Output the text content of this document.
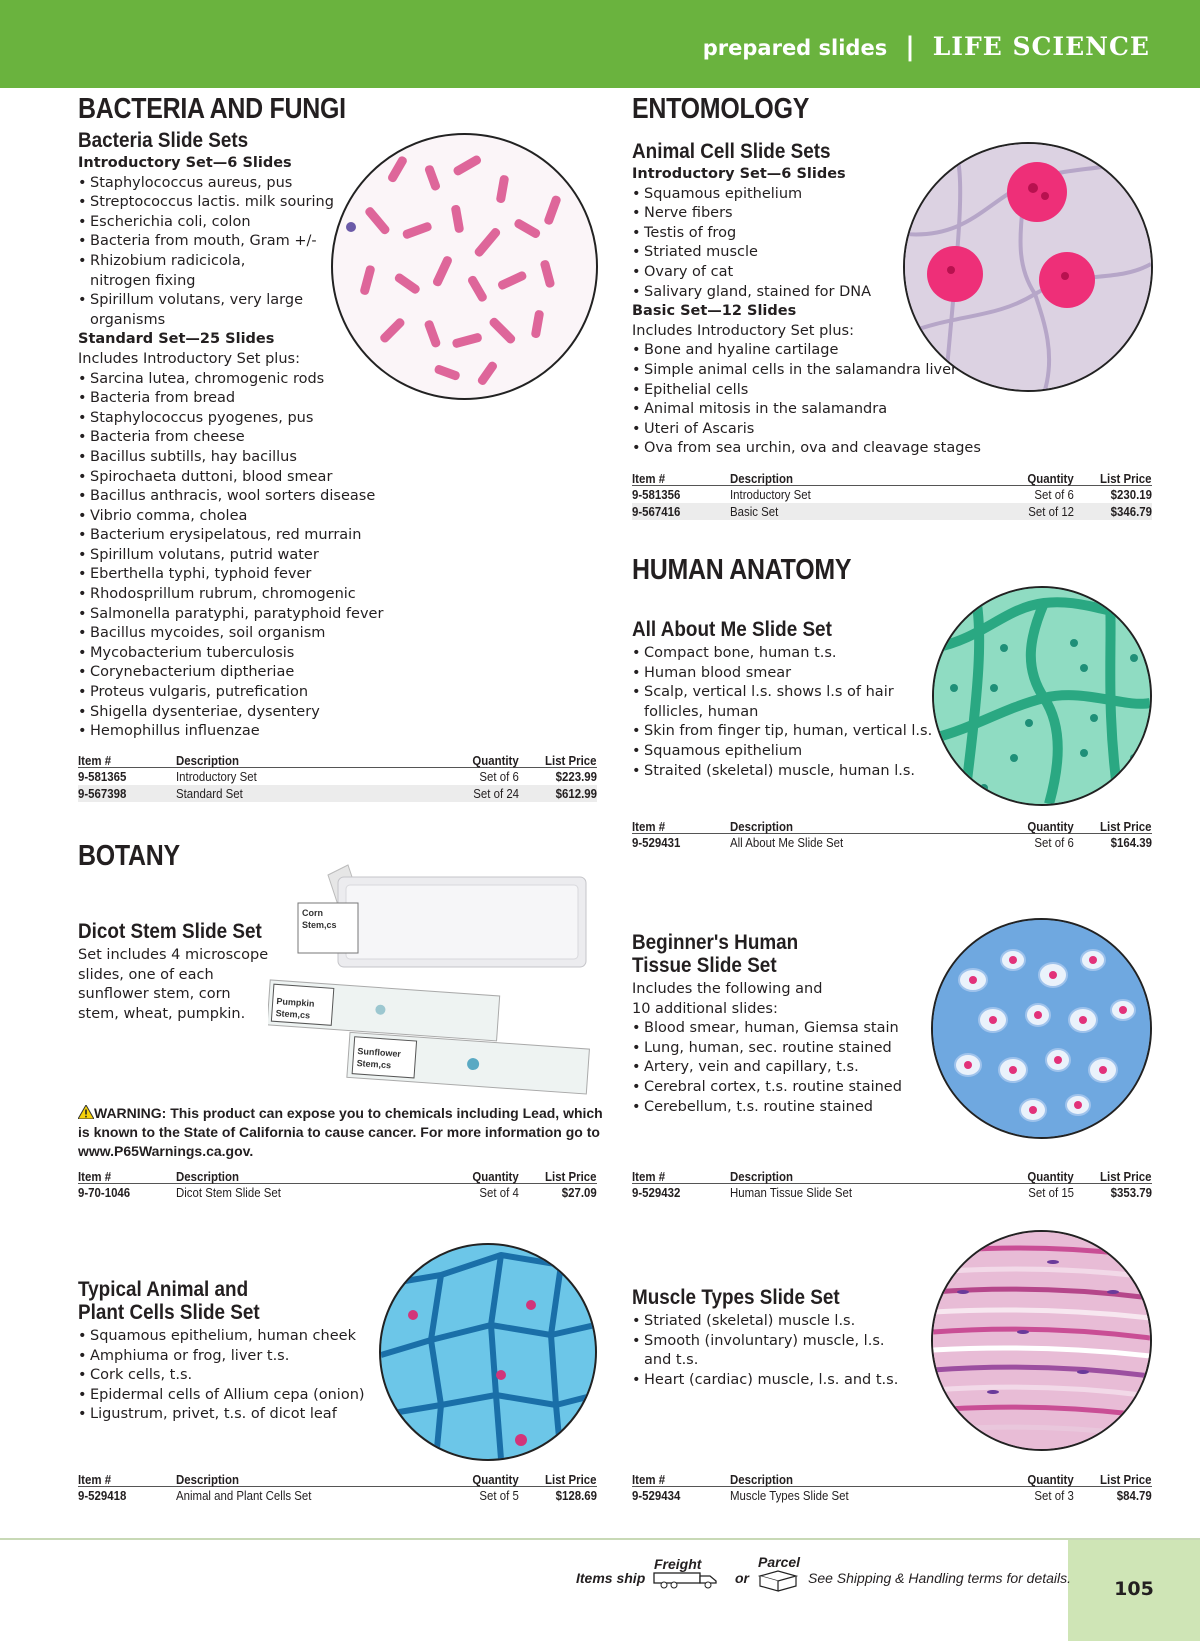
prepared slides | LIFE SCIENCE
BACTERIA AND FUNGI
Bacteria Slide Sets
Introductory Set—6 Slides
• Staphylococcus aureus, pus
• Streptococcus lactis. milk souring
• Escherichia coli, colon
• Bacteria from mouth, Gram +/-
• Rhizobium radicicola,
nitrogen fixing
• Spirillum volutans, very large
organisms
Standard Set—25 Slides
Includes Introductory Set plus:
• Sarcina lutea, chromogenic rods
• Bacteria from bread
• Staphylococcus pyogenes, pus
• Bacteria from cheese
• Bacillus subtills, hay bacillus
• Spirochaeta duttoni, blood smear
• Bacillus anthracis, wool sorters disease
• Vibrio comma, cholea
• Bacterium erysipelatous, red murrain
• Spirillum volutans, putrid water
• Eberthella typhi, typhoid fever
• Rhodosprillum rubrum, chromogenic
• Salmonella paratyphi, paratyphoid fever
• Bacillus mycoides, soil organism
• Mycobacterium tuberculosis
• Corynebacterium diptheriae
• Proteus vulgaris, putrefication
• Shigella dysenteriae, dysentery
• Hemophillus influenzae
Item #	Description	Quantity List Price
9-581365	Introductory Set	Set of 6	$223.99
9-567398	Standard Set	Set of 24	$612.99
BOTANY
Dicot Stem Slide Set
Set includes 4 microscope
slides, one of each
sunflower stem, corn
stem, wheat, pumpkin.
Corn Stem,cs
Pumpkin Stem,cs
Sunflower Stem,cs
WARNING: This product can expose you to chemicals including Lead, which
is known to the State of California to cause cancer. For more information go to
www.P65Warnings.ca.gov.
Item #	Description	Quantity List Price
9-70-1046	Dicot Stem Slide Set	Set of 4	$27.09
Typical Animal and
Plant Cells Slide Set
• Squamous epithelium, human cheek
• Amphiuma or frog, liver t.s.
• Cork cells, t.s.
• Epidermal cells of Allium cepa (onion)
• Ligustrum, privet, t.s. of dicot leaf
Item #	Description	Quantity List Price
9-529418	Animal and Plant Cells Set	Set of 5	$128.69
ENTOMOLOGY
Animal Cell Slide Sets
Introductory Set—6 Slides
• Squamous epithelium
• Nerve fibers
• Testis of frog
• Striated muscle
• Ovary of cat
• Salivary gland, stained for DNA
Basic Set—12 Slides
Includes Introductory Set plus:
• Bone and hyaline cartilage
• Simple animal cells in the salamandra liver
• Epithelial cells
• Animal mitosis in the salamandra
• Uteri of Ascaris
• Ova from sea urchin, ova and cleavage stages
Item #	Description	Quantity List Price
9-581356	Introductory Set	Set of 6	$230.19
9-567416	Basic Set	Set of 12	$346.79
HUMAN ANATOMY
All About Me Slide Set
• Compact bone, human t.s.
• Human blood smear
• Scalp, vertical l.s. shows l.s of hair
follicles, human
• Skin from finger tip, human, vertical l.s.
• Squamous epithelium
• Straited (skeletal) muscle, human l.s.
Item #	Description	Quantity List Price
9-529431	All About Me Slide Set	Set of 6	$164.39
Beginner's Human
Tissue Slide Set
Includes the following and
10 additional slides:
• Blood smear, human, Giemsa stain
• Lung, human, sec. routine stained
• Artery, vein and capillary, t.s.
• Cerebral cortex, t.s. routine stained
• Cerebellum, t.s. routine stained
Item #	Description	Quantity List Price
9-529432	Human Tissue Slide Set	Set of 15	$353.79
Muscle Types Slide Set
• Striated (skeletal) muscle l.s.
• Smooth (involuntary) muscle, l.s.
and t.s.
• Heart (cardiac) muscle, l.s. and t.s.
Item #	Description	Quantity List Price
9-529434	Muscle Types Slide Set	Set of 3	$84.79
105
Items ship
Freight
or
Parcel
See Shipping & Handling terms for details.
